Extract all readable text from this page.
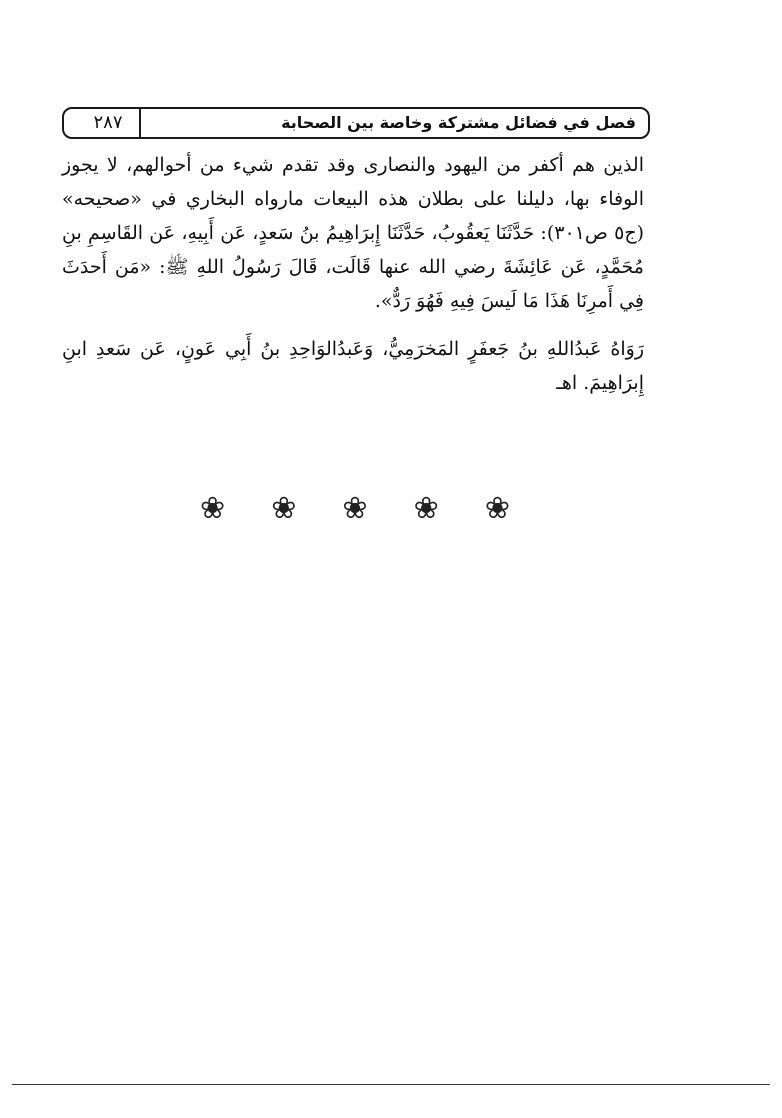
٢٨٧	فصل في فضائل مشتركة وخاصة بين الصحابة

الذين هم أكفر من اليهود والنصارى وقد تقدم شيء من أحوالهم، لا يجوز الوفاء بها، دليلنا على بطلان هذه البيعات مارواه البخاري في «صحيحه» (ج٥ ص٣٠١): حَدَّثَنَا يَعقُوبُ، حَدَّثَنَا إِبرَاهِيمُ بنُ سَعدٍ، عَن أَبِيهِ، عَن القَاسِمِ بنِ مُحَمَّدٍ، عَن عَائِشَةَ رضي الله عنها قَالَت، قَالَ رَسُولُ اللهِ ﷺ: «مَن أَحدَثَ فِي أَمرِنَا هَذَا مَا لَيسَ فِيهِ فَهُوَ رَدٌّ».

رَوَاهُ عَبدُاللهِ بنُ جَعفَرٍ المَخرَمِيُّ، وَعَبدُالوَاحِدِ بنُ أَبِي عَونٍ، عَن سَعدِ ابنِ إِبرَاهِيمَ. اهـ

❀ ❀ ❀ ❀ ❀
